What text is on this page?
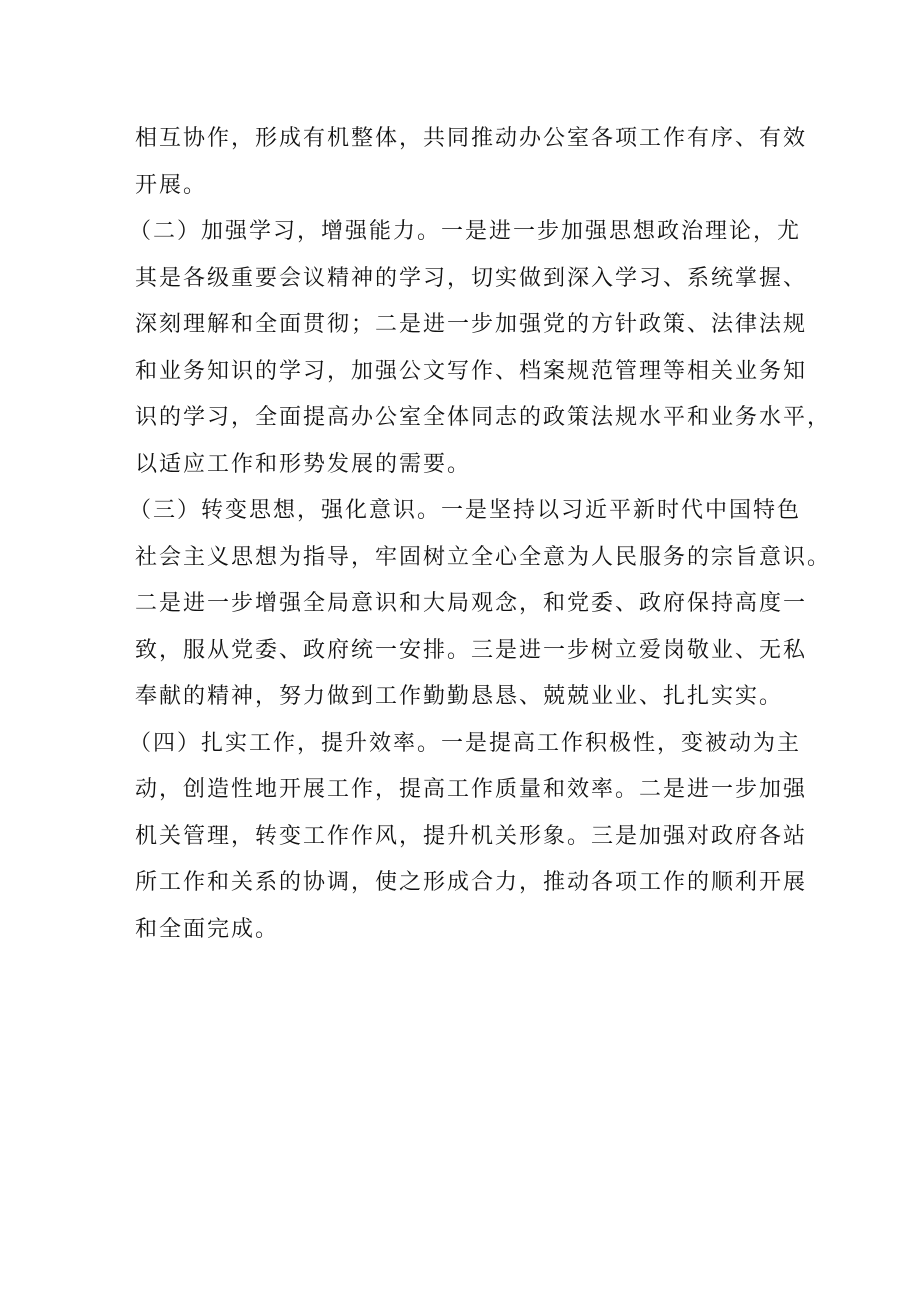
相互协作，形成有机整体，共同推动办公室各项工作有序、有效
开展。
（二）加强学习，增强能力。一是进一步加强思想政治理论，尤
其是各级重要会议精神的学习，切实做到深入学习、系统掌握、
深刻理解和全面贯彻；二是进一步加强党的方针政策、法律法规
和业务知识的学习，加强公文写作、档案规范管理等相关业务知
识的学习，全面提高办公室全体同志的政策法规水平和业务水平，
以适应工作和形势发展的需要。
（三）转变思想，强化意识。一是坚持以习近平新时代中国特色
社会主义思想为指导，牢固树立全心全意为人民服务的宗旨意识。
二是进一步增强全局意识和大局观念，和党委、政府保持高度一
致，服从党委、政府统一安排。三是进一步树立爱岗敬业、无私
奉献的精神，努力做到工作勤勤恳恳、兢兢业业、扎扎实实。
（四）扎实工作，提升效率。一是提高工作积极性，变被动为主
动，创造性地开展工作，提高工作质量和效率。二是进一步加强
机关管理，转变工作作风，提升机关形象。三是加强对政府各站
所工作和关系的协调，使之形成合力，推动各项工作的顺利开展
和全面完成。
